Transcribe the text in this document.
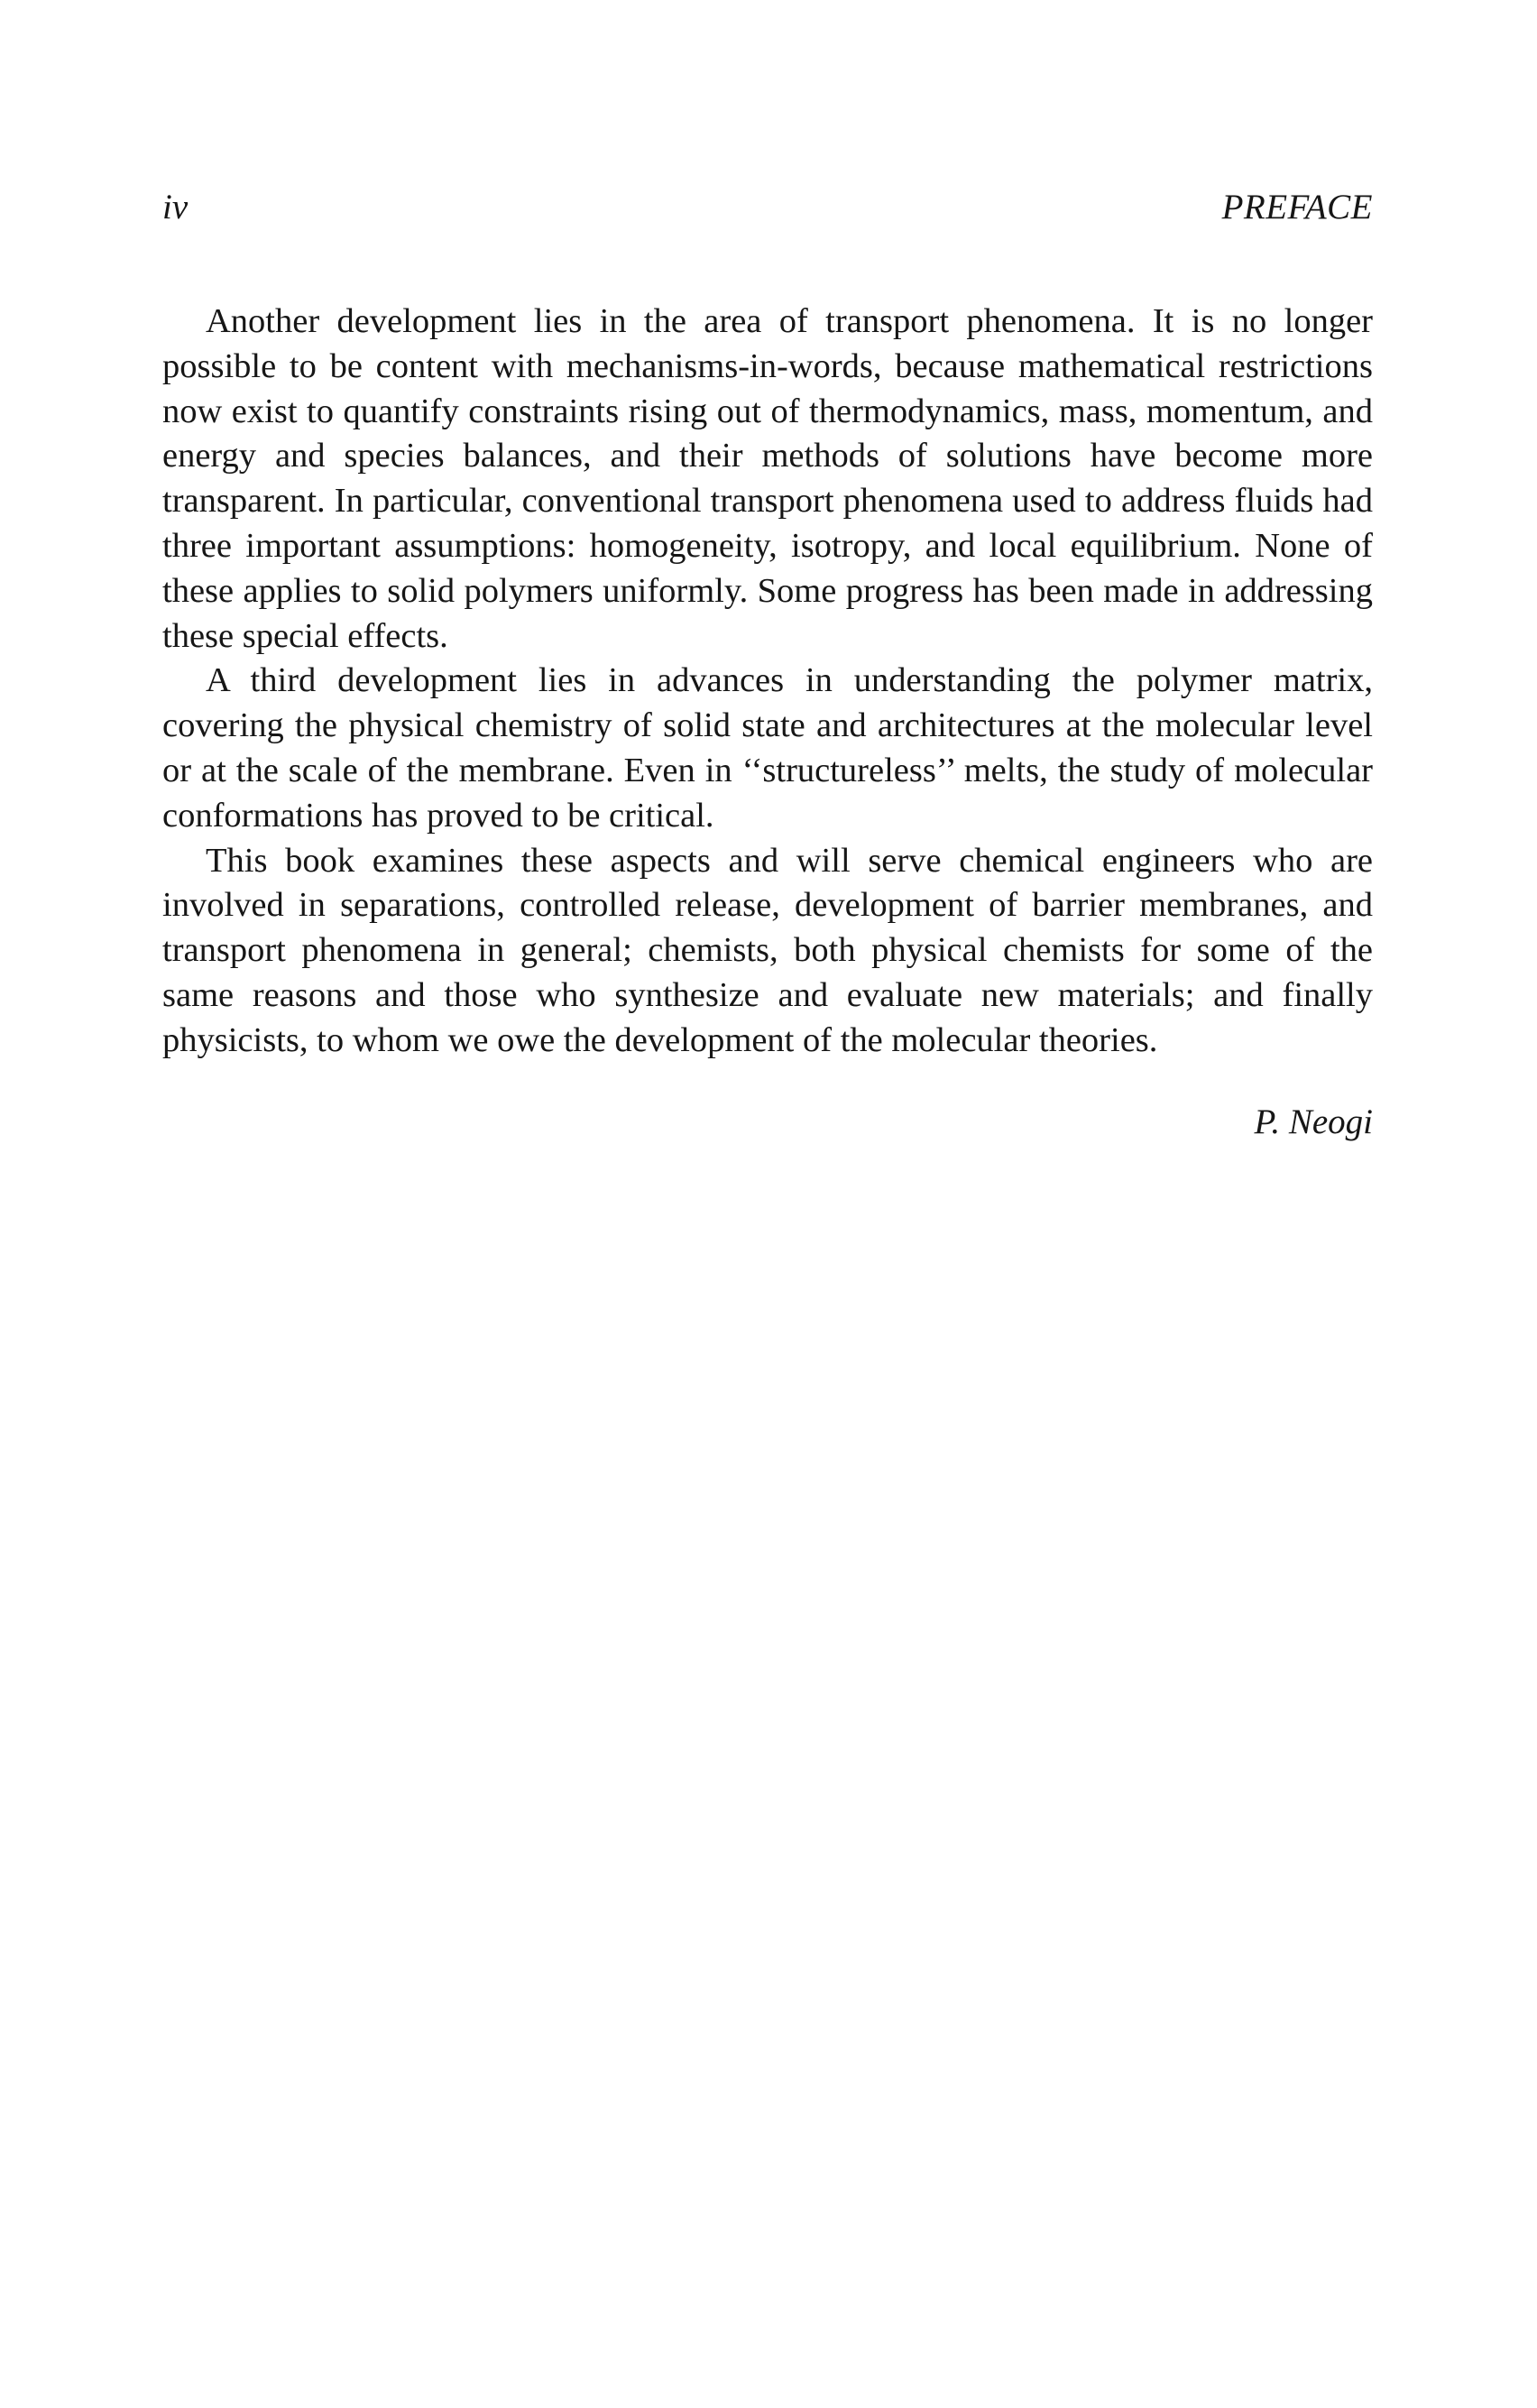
iv	PREFACE

Another development lies in the area of transport phenomena. It is no longer possible to be content with mechanisms-in-words, because mathematical restrictions now exist to quantify constraints rising out of thermodynamics, mass, momentum, and energy and species balances, and their methods of solutions have become more transparent. In particular, conventional transport phenomena used to address fluids had three important assumptions: homogeneity, isotropy, and local equilibrium. None of these applies to solid polymers uniformly. Some progress has been made in addressing these special effects.

A third development lies in advances in understanding the polymer matrix, covering the physical chemistry of solid state and architectures at the molecular level or at the scale of the membrane. Even in ‘‘structureless’’ melts, the study of molecular conformations has proved to be critical.

This book examines these aspects and will serve chemical engineers who are involved in separations, controlled release, development of barrier membranes, and transport phenomena in general; chemists, both physical chemists for some of the same reasons and those who synthesize and evaluate new materials; and finally physicists, to whom we owe the development of the molecular theories.

P. Neogi
